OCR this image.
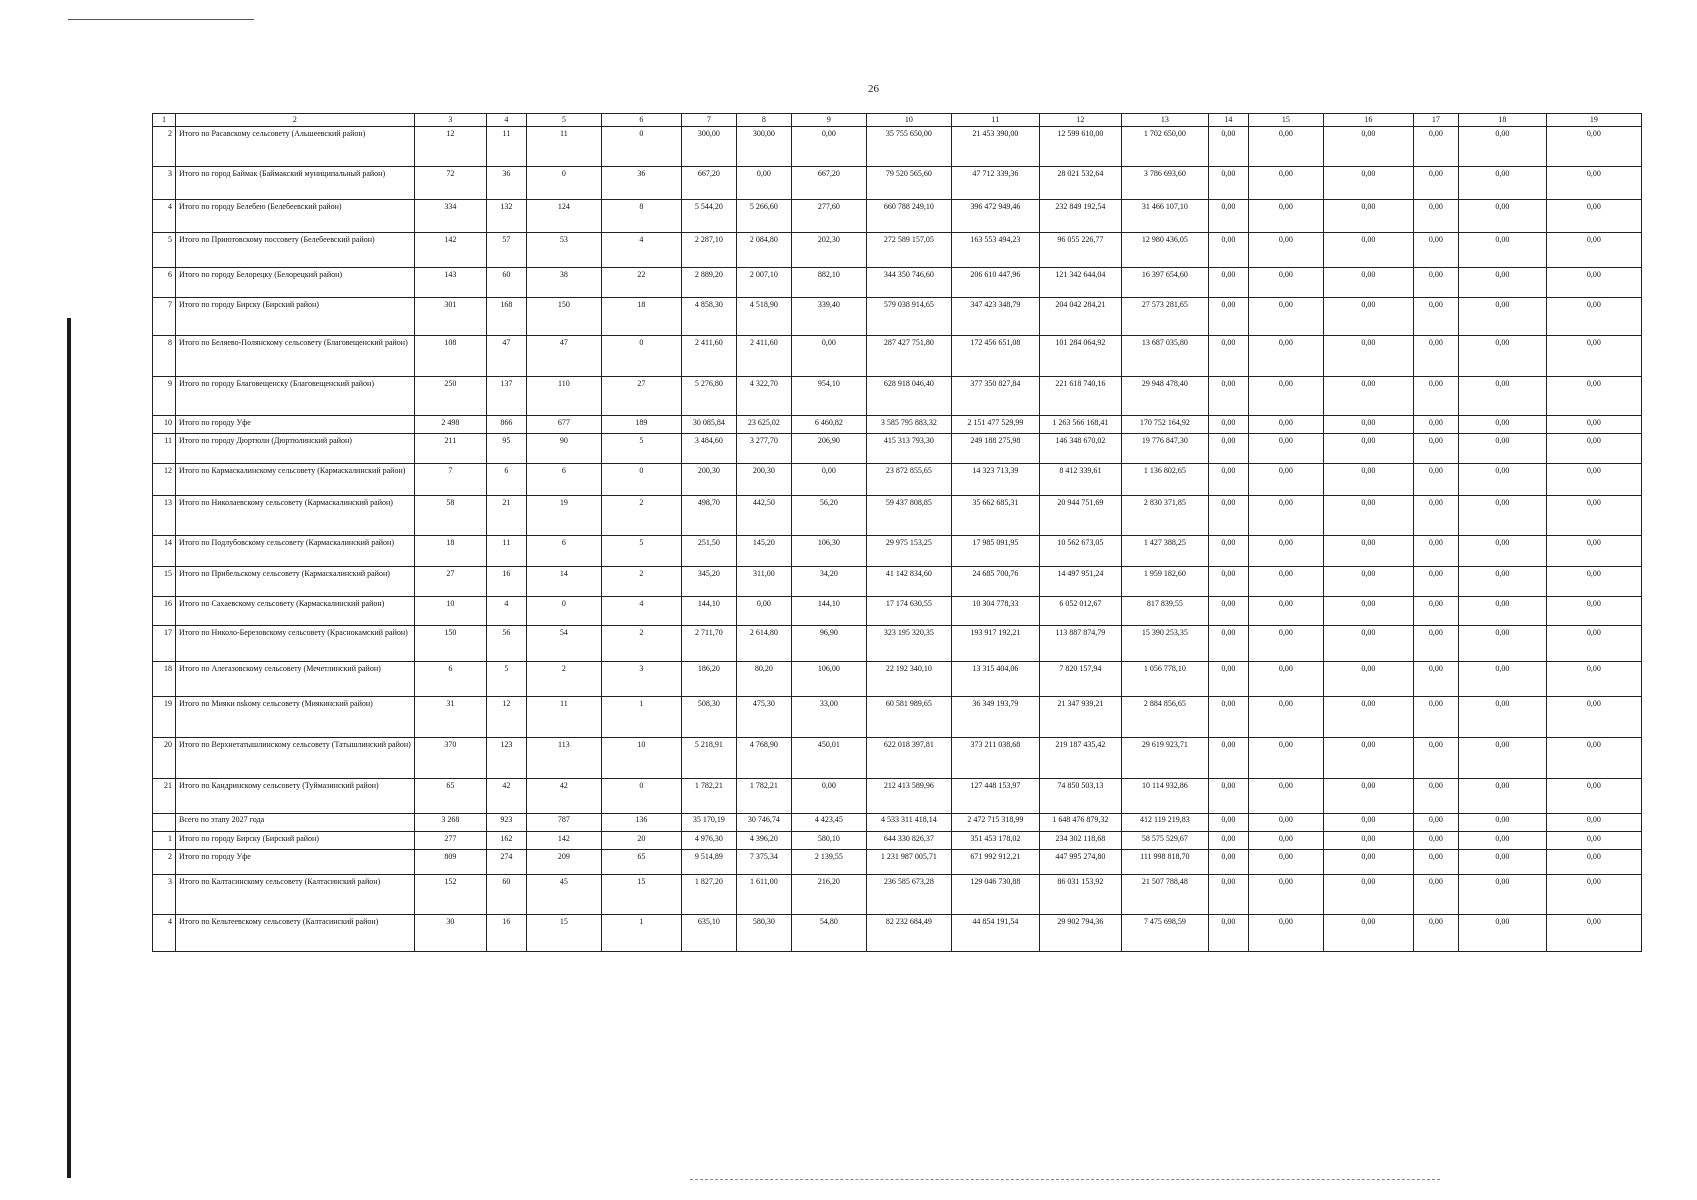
26
1	2	3	4	5	6	7	8	9	10	11	12	13	14	15	16	17	18	19
2	Итого по Расавскому сельсовету (Альшеевский район)	12	11	11	0	300,00	300,00	0,00	35 755 650,00	21 453 390,00	12 599 610,00	1 702 650,00	0,00	0,00	0,00	0,00	0,00	0,00
3	Итого по город Баймак (Баймакский муниципальный район)	72	36	0	36	667,20	0,00	667,20	79 520 565,60	47 712 339,36	28 021 532,64	3 786 693,60	0,00	0,00	0,00	0,00	0,00	0,00
4	Итого по городу Белебею (Белебеевский район)	334	132	124	8	5 544,20	5 266,60	277,60	660 788 249,10	396 472 949,46	232 849 192,54	31 466 107,10	0,00	0,00	0,00	0,00	0,00	0,00
5	Итого по Приютовскому поссовету (Белебеевский район)	142	57	53	4	2 287,10	2 084,80	202,30	272 589 157,05	163 553 494,23	96 055 226,77	12 980 436,05	0,00	0,00	0,00	0,00	0,00	0,00
6	Итого по городу Белорецку (Белорецкий район)	143	60	38	22	2 889,20	2 007,10	882,10	344 350 746,60	206 610 447,96	121 342 644,04	16 397 654,60	0,00	0,00	0,00	0,00	0,00	0,00
7	Итого по городу Бирску (Бирский район)	301	168	150	18	4 858,30	4 518,90	339,40	579 038 914,65	347 423 348,79	204 042 284,21	27 573 281,65	0,00	0,00	0,00	0,00	0,00	0,00
8	Итого по Беляево-Полянскому сельсовету (Благовещенский район)	108	47	47	0	2 411,60	2 411,60	0,00	287 427 751,80	172 456 651,08	101 284 064,92	13 687 035,80	0,00	0,00	0,00	0,00	0,00	0,00
9	Итого по городу Благовещенску (Благовещенский район)	250	137	110	27	5 276,80	4 322,70	954,10	628 918 046,40	377 350 827,84	221 618 740,16	29 948 478,40	0,00	0,00	0,00	0,00	0,00	0,00
10	Итого по городу Уфе	2 498	866	677	189	30 085,84	23 625,02	6 460,82	3 585 795 883,32	2 151 477 529,99	1 263 566 168,41	170 752 164,92	0,00	0,00	0,00	0,00	0,00	0,00
11	Итого по городу Дюртюли (Дюртюлинский район)	211	95	90	5	3 484,60	3 277,70	206,90	415 313 793,30	249 188 275,98	146 348 670,02	19 776 847,30	0,00	0,00	0,00	0,00	0,00	0,00
12	Итого по Кармаскалинскому сельсовету (Кармаскалинский район)	7	6	6	0	200,30	200,30	0,00	23 872 855,65	14 323 713,39	8 412 339,61	1 136 802,65	0,00	0,00	0,00	0,00	0,00	0,00
13	Итого по Николаевскому сельсовету (Кармаскалинский район)	58	21	19	2	498,70	442,50	56,20	59 437 808,85	35 662 685,31	20 944 751,69	2 830 371,85	0,00	0,00	0,00	0,00	0,00	0,00
14	Итого по Подлубовскому сельсовету (Кармаскалинский район)	18	11	6	5	251,50	145,20	106,30	29 975 153,25	17 985 091,95	10 562 673,05	1 427 388,25	0,00	0,00	0,00	0,00	0,00	0,00
15	Итого по Прибельскому сельсовету (Кармаскалинский район)	27	16	14	2	345,20	311,00	34,20	41 142 834,60	24 685 700,76	14 497 951,24	1 959 182,60	0,00	0,00	0,00	0,00	0,00	0,00
16	Итого по Сахаевскому сельсовету (Кармаскалинский район)	10	4	0	4	144,10	0,00	144,10	17 174 630,55	10 304 778,33	6 052 012,67	817 839,55	0,00	0,00	0,00	0,00	0,00	0,00
17	Итого по Николо-Березовскому сельсовету (Краснокамский район)	150	56	54	2	2 711,70	2 614,80	96,90	323 195 320,35	193 917 192,21	113 887 874,79	15 390 253,35	0,00	0,00	0,00	0,00	0,00	0,00
18	Итого по Алегазовскому сельсовету (Мечетлинский район)	6	5	2	3	186,20	80,20	106,00	22 192 340,10	13 315 404,06	7 820 157,94	1 056 778,10	0,00	0,00	0,00	0,00	0,00	0,00
19	Итого по Мияки nskому сельсовету (Миякинский район)	31	12	11	1	508,30	475,30	33,00	60 581 989,65	36 349 193,79	21 347 939,21	2 884 856,65	0,00	0,00	0,00	0,00	0,00	0,00
20	Итого по Верхнетатышлинскому сельсовету (Татышлинский район)	370	123	113	10	5 218,91	4 768,90	450,01	622 018 397,81	373 211 038,68	219 187 435,42	29 619 923,71	0,00	0,00	0,00	0,00	0,00	0,00
21	Итого по Кандринскому сельсовету (Туймазинский район)	65	42	42	0	1 782,21	1 782,21	0,00	212 413 589,96	127 448 153,97	74 850 503,13	10 114 932,86	0,00	0,00	0,00	0,00	0,00	0,00
	Всего по этапу 2027 года	3 268	923	787	136	35 170,19	30 746,74	4 423,45	4 533 311 418,14	2 472 715 318,99	1 648 476 879,32	412 119 219,83	0,00	0,00	0,00	0,00	0,00	0,00
1	Итого по городу Бирску (Бирский район)	277	162	142	20	4 976,30	4 396,20	580,10	644 330 826,37	351 453 178,02	234 302 118,68	58 575 529,67	0,00	0,00	0,00	0,00	0,00	0,00
2	Итого по городу Уфе	809	274	209	65	9 514,89	7 375,34	2 139,55	1 231 987 005,71	671 992 912,21	447 995 274,80	111 998 818,70	0,00	0,00	0,00	0,00	0,00	0,00
3	Итого по Калтасинскому сельсовету (Калтасинский район)	152	60	45	15	1 827,20	1 611,00	216,20	236 585 673,28	129 046 730,88	86 031 153,92	21 507 788,48	0,00	0,00	0,00	0,00	0,00	0,00
4	Итого по Кельтеевскому сельсовету (Калтасинский район)	30	16	15	1	635,10	580,30	54,80	82 232 684,49	44 854 191,54	29 902 794,36	7 475 698,59	0,00	0,00	0,00	0,00	0,00	0,00
